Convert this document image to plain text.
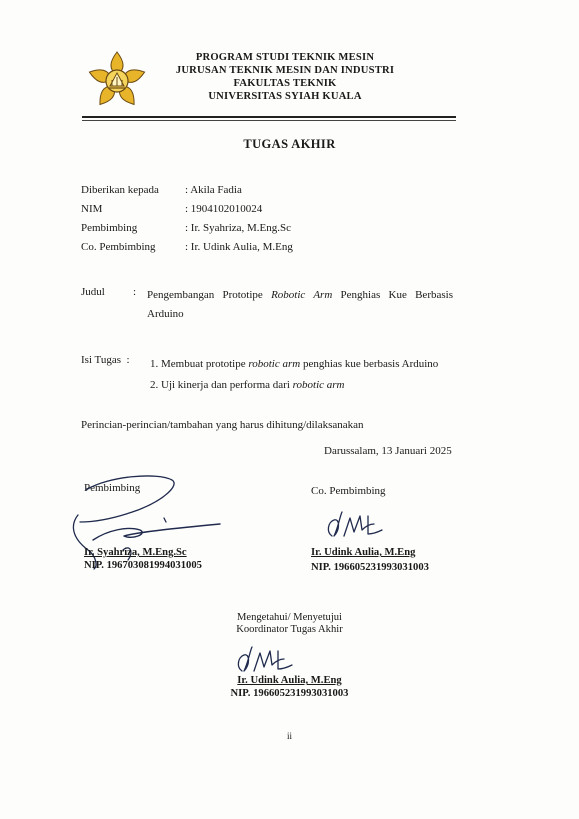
PROGRAM STUDI TEKNIK MESIN
JURUSAN TEKNIK MESIN DAN INDUSTRI
FAKULTAS TEKNIK
UNIVERSITAS SYIAH KUALA
TUGAS AKHIR
Diberikan kepada : Akila Fadia
NIM	: 1904102010024
Pembimbing	: Ir. Syahriza, M.Eng.Sc
Co. Pembimbing	: Ir. Udink Aulia, M.Eng
Judul	: Pengembangan Prototipe Robotic Arm Penghias Kue Berbasis Arduino
Isi Tugas  : 1. Membuat prototipe robotic arm penghias kue berbasis Arduino
2. Uji kinerja dan performa dari robotic arm
Perincian-perincian/tambahan yang harus dihitung/dilaksanakan
Darussalam, 13 Januari 2025
Pembimbing
Ir. Syahriza, M.Eng.Sc
NIP. 196703081994031005
Co. Pembimbing
Ir. Udink Aulia, M.Eng
NIP. 196605231993031003
Mengetahui/ Menyetujui
Koordinator Tugas Akhir
Ir. Udink Aulia, M.Eng
NIP. 196605231993031003
ii
